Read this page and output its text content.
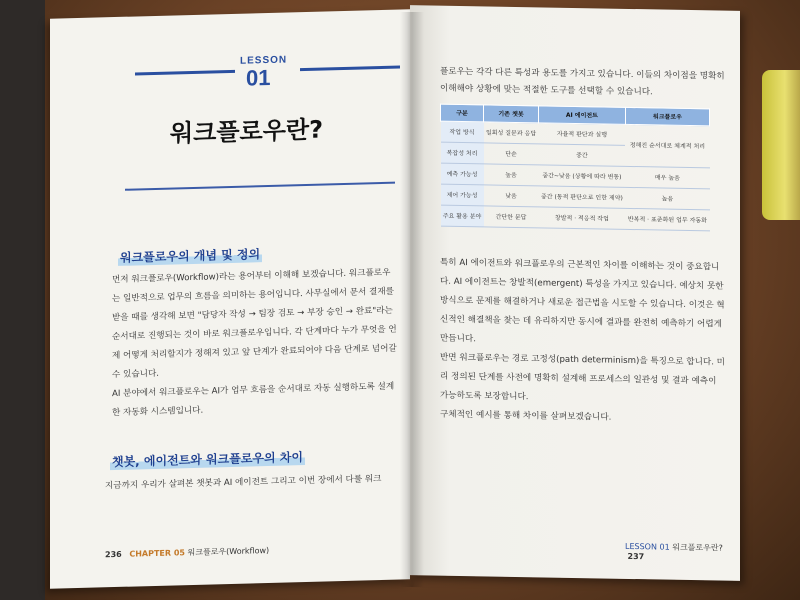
LESSON
01
워크플로우란?
워크플로우의 개념 및 정의
먼저 워크플로우(Workflow)라는 용어부터 이해해 보겠습니다. 워크플로우
는 일반적으로 업무의 흐름을 의미하는 용어입니다. 사무실에서 문서 결재를
받을 때를 생각해 보면 "담당자 작성 → 팀장 검토 → 부장 승인 → 완료"라는
순서대로 진행되는 것이 바로 워크플로우입니다. 각 단계마다 누가 무엇을 언
제 어떻게 처리할지가 정해져 있고 앞 단계가 완료되어야 다음 단계로 넘어갈
수 있습니다.
AI 분야에서 워크플로우는 AI가 업무 흐름을 순서대로 자동 실행하도록 설계
한 자동화 시스템입니다.
챗봇, 에이전트와 워크플로우의 차이
지금까지 우리가 살펴본 챗봇과 AI 에이전트 그리고 이번 장에서 다룰 워크
236 CHAPTER 05 워크플로우(Workflow)
플로우는 각각 다른 특성과 용도를 가지고 있습니다. 이들의 차이점을 명확히
이해해야 상황에 맞는 적절한 도구를 선택할 수 있습니다.
구분	기존 챗봇	AI 에이전트	워크플로우
작업 방식	일회성 질문과 응답	자율적 판단과 실행	정해진 순서대로 체계적 처리
복잡성 처리	단순	중간	
예측 가능성	높음	중간~낮음 (상황에 따라 변동)	매우 높음
제어 가능성	낮음	중간 (동적 판단으로 인한 제약)	높음
주요 활용 분야	간단한 문답	창발적 · 적응적 작업	반복적 · 표준화된 업무 자동화
특히 AI 에이전트와 워크플로우의 근본적인 차이를 이해하는 것이 중요합니
다. AI 에이전트는 창발적(emergent) 특성을 가지고 있습니다. 예상치 못한
방식으로 문제를 해결하거나 새로운 접근법을 시도할 수 있습니다. 이것은 혁
신적인 해결책을 찾는 데 유리하지만 동시에 결과를 완전히 예측하기 어렵게
만듭니다.
반면 워크플로우는 경로 고정성(path determinism)을 특징으로 합니다. 미
리 정의된 단계를 사전에 명확히 설계해 프로세스의 일관성 및 결과 예측이
가능하도록 보장합니다.
구체적인 예시를 통해 차이를 살펴보겠습니다.
LESSON 01 워크플로우란?  237
